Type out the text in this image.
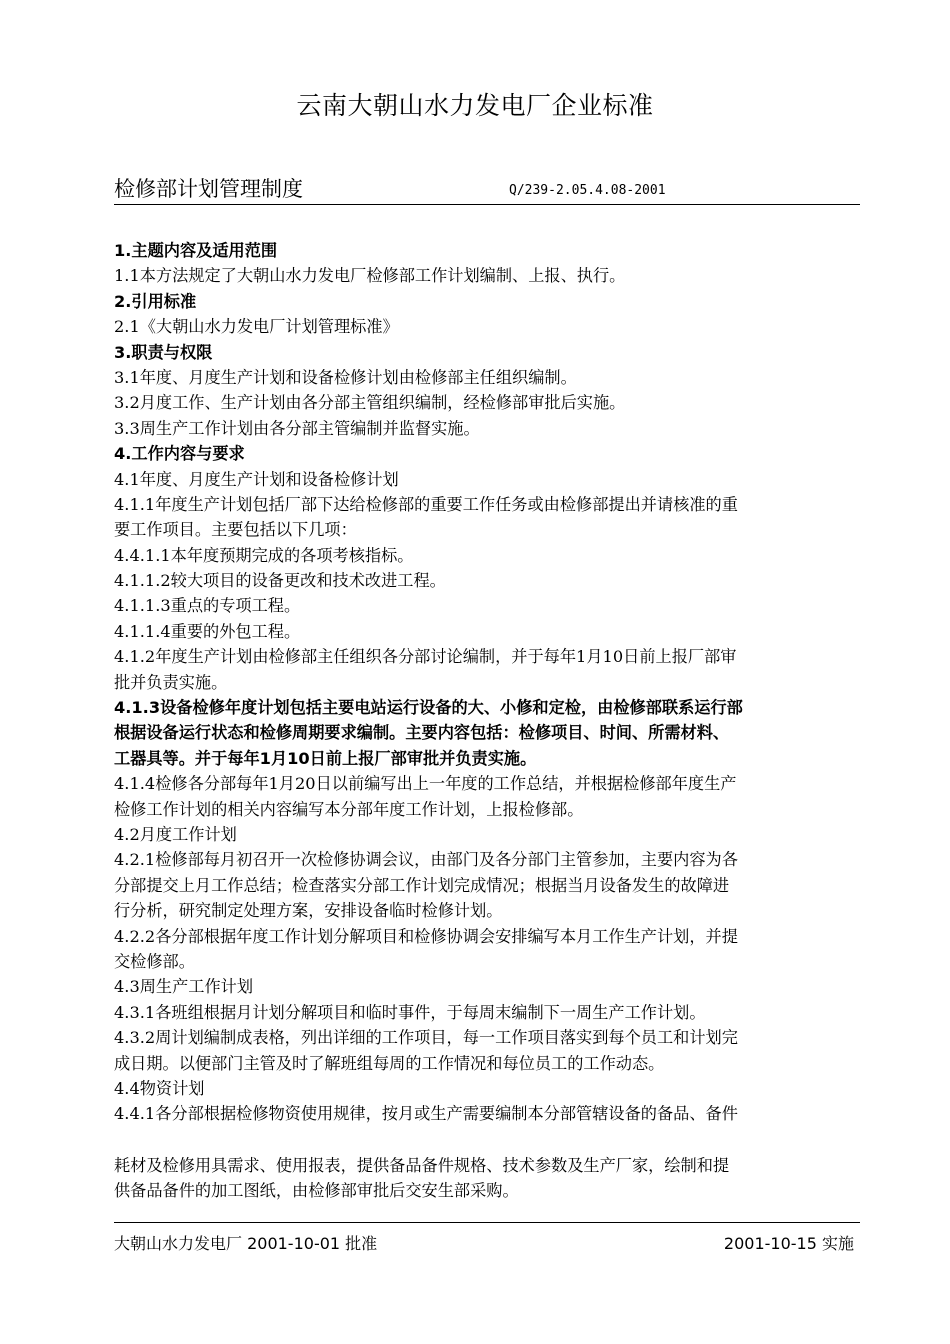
云南大朝山水力发电厂企业标准
检修部计划管理制度	Q/239-2.05.4.08-2001
1.主题内容及适用范围
1.1本方法规定了大朝山水力发电厂检修部工作计划编制、上报、执行。
2.引用标准
2.1《大朝山水力发电厂计划管理标准》
3.职责与权限
3.1年度、月度生产计划和设备检修计划由检修部主任组织编制。
3.2月度工作、生产计划由各分部主管组织编制，经检修部审批后实施。
3.3周生产工作计划由各分部主管编制并监督实施。
4.工作内容与要求
4.1年度、月度生产计划和设备检修计划
4.1.1年度生产计划包括厂部下达给检修部的重要工作任务或由检修部提出并请核准的重
要工作项目。主要包括以下几项：
4.4.1.1本年度预期完成的各项考核指标。
4.1.1.2较大项目的设备更改和技术改进工程。
4.1.1.3重点的专项工程。
4.1.1.4重要的外包工程。
4.1.2年度生产计划由检修部主任组织各分部讨论编制，并于每年1月10日前上报厂部审
批并负责实施。
4.1.3设备检修年度计划包括主要电站运行设备的大、小修和定检，由检修部联系运行部
根据设备运行状态和检修周期要求编制。主要内容包括：检修项目、时间、所需材料、
工器具等。并于每年1月10日前上报厂部审批并负责实施。
4.1.4检修各分部每年1月20日以前编写出上一年度的工作总结，并根据检修部年度生产
检修工作计划的相关内容编写本分部年度工作计划，上报检修部。
4.2月度工作计划
4.2.1检修部每月初召开一次检修协调会议，由部门及各分部门主管参加，主要内容为各
分部提交上月工作总结；检查落实分部工作计划完成情况；根据当月设备发生的故障进
行分析，研究制定处理方案，安排设备临时检修计划。
4.2.2各分部根据年度工作计划分解项目和检修协调会安排编写本月工作生产计划，并提
交检修部。
4.3周生产工作计划
4.3.1各班组根据月计划分解项目和临时事件，于每周末编制下一周生产工作计划。
4.3.2周计划编制成表格，列出详细的工作项目，每一工作项目落实到每个员工和计划完
成日期。以便部门主管及时了解班组每周的工作情况和每位员工的工作动态。
4.4物资计划
4.4.1各分部根据检修物资使用规律，按月或生产需要编制本分部管辖设备的备品、备件
耗材及检修用具需求、使用报表，提供备品备件规格、技术参数及生产厂家，绘制和提
供备品备件的加工图纸，由检修部审批后交安生部采购。
大朝山水力发电厂 2001-10-01 批准	2001-10-15 实施
